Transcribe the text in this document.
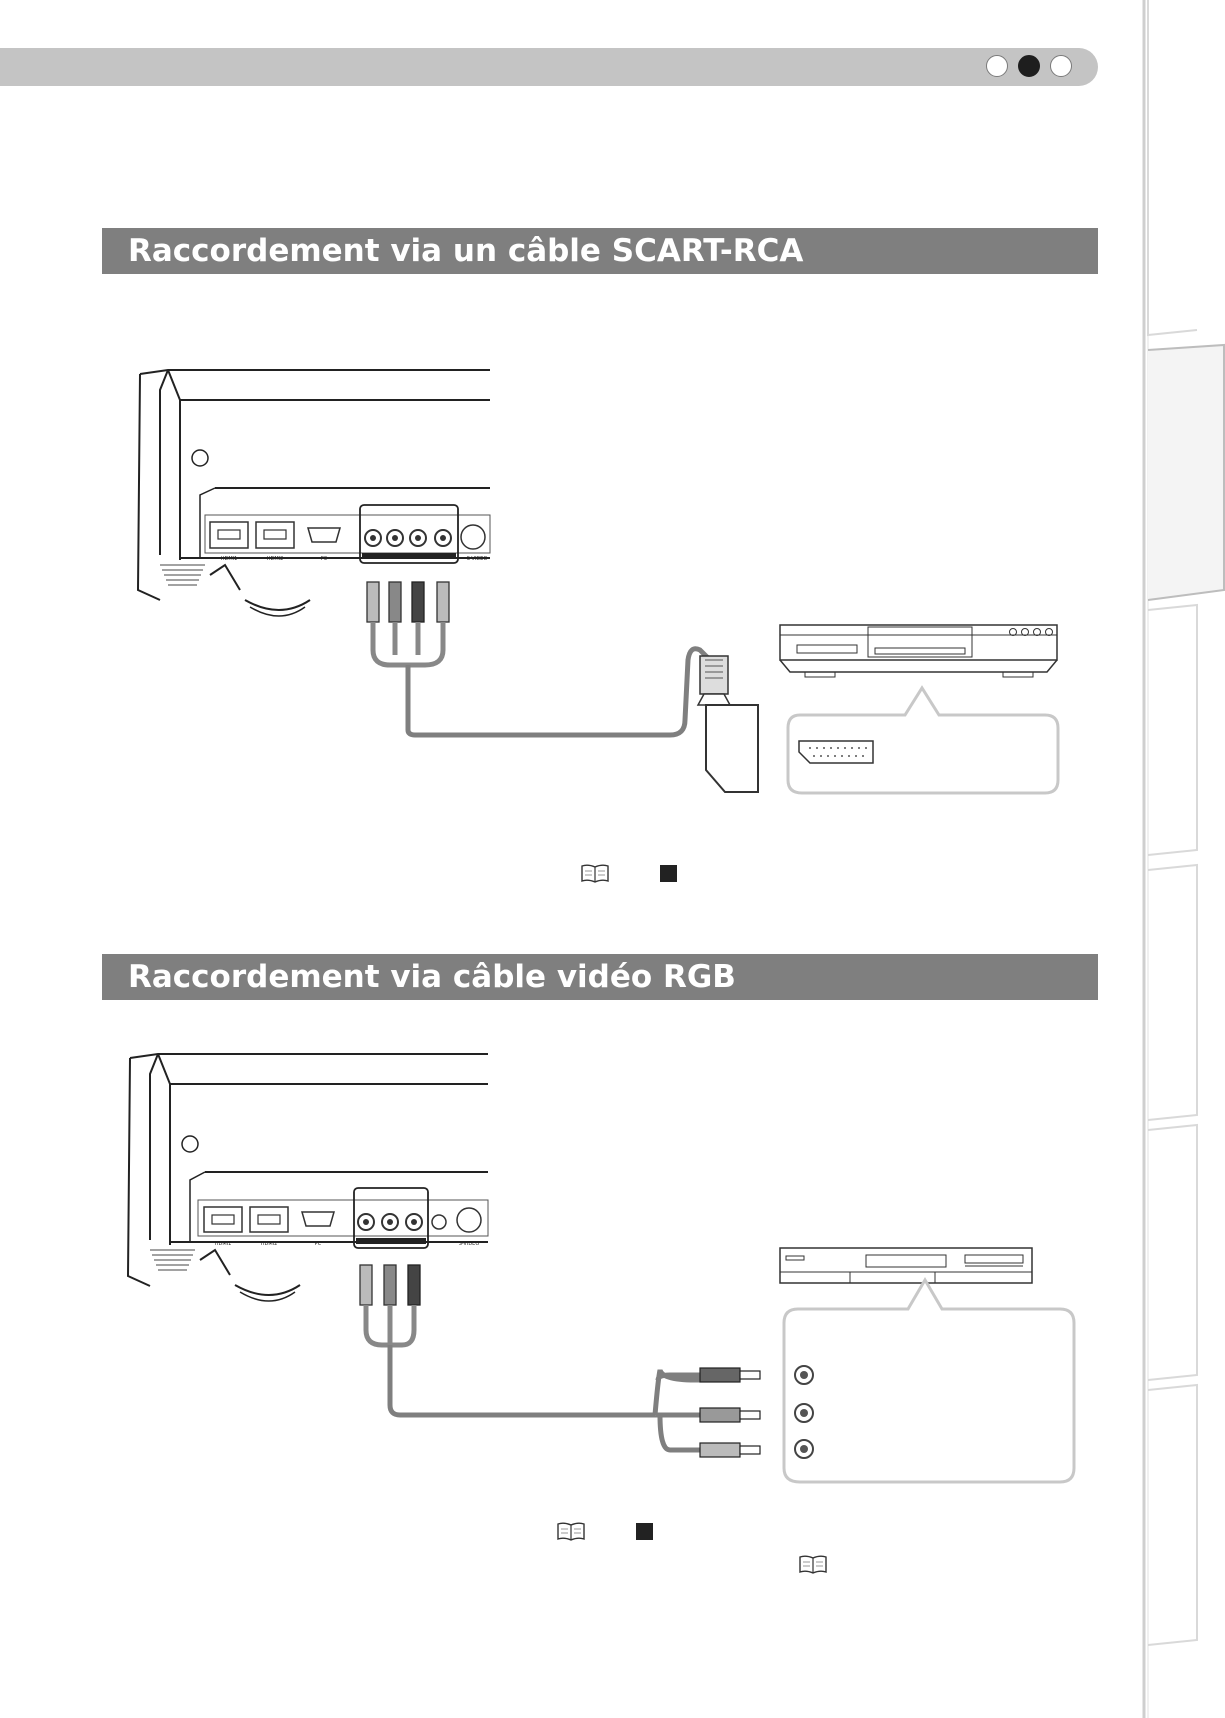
Raccordement via un câble SCART-RCA
HDMI1	HDMI2	PC	S-VIDEO
Raccordement via câble vidéo RGB
HDMI1	HDMI2	PC	S-VIDEO
